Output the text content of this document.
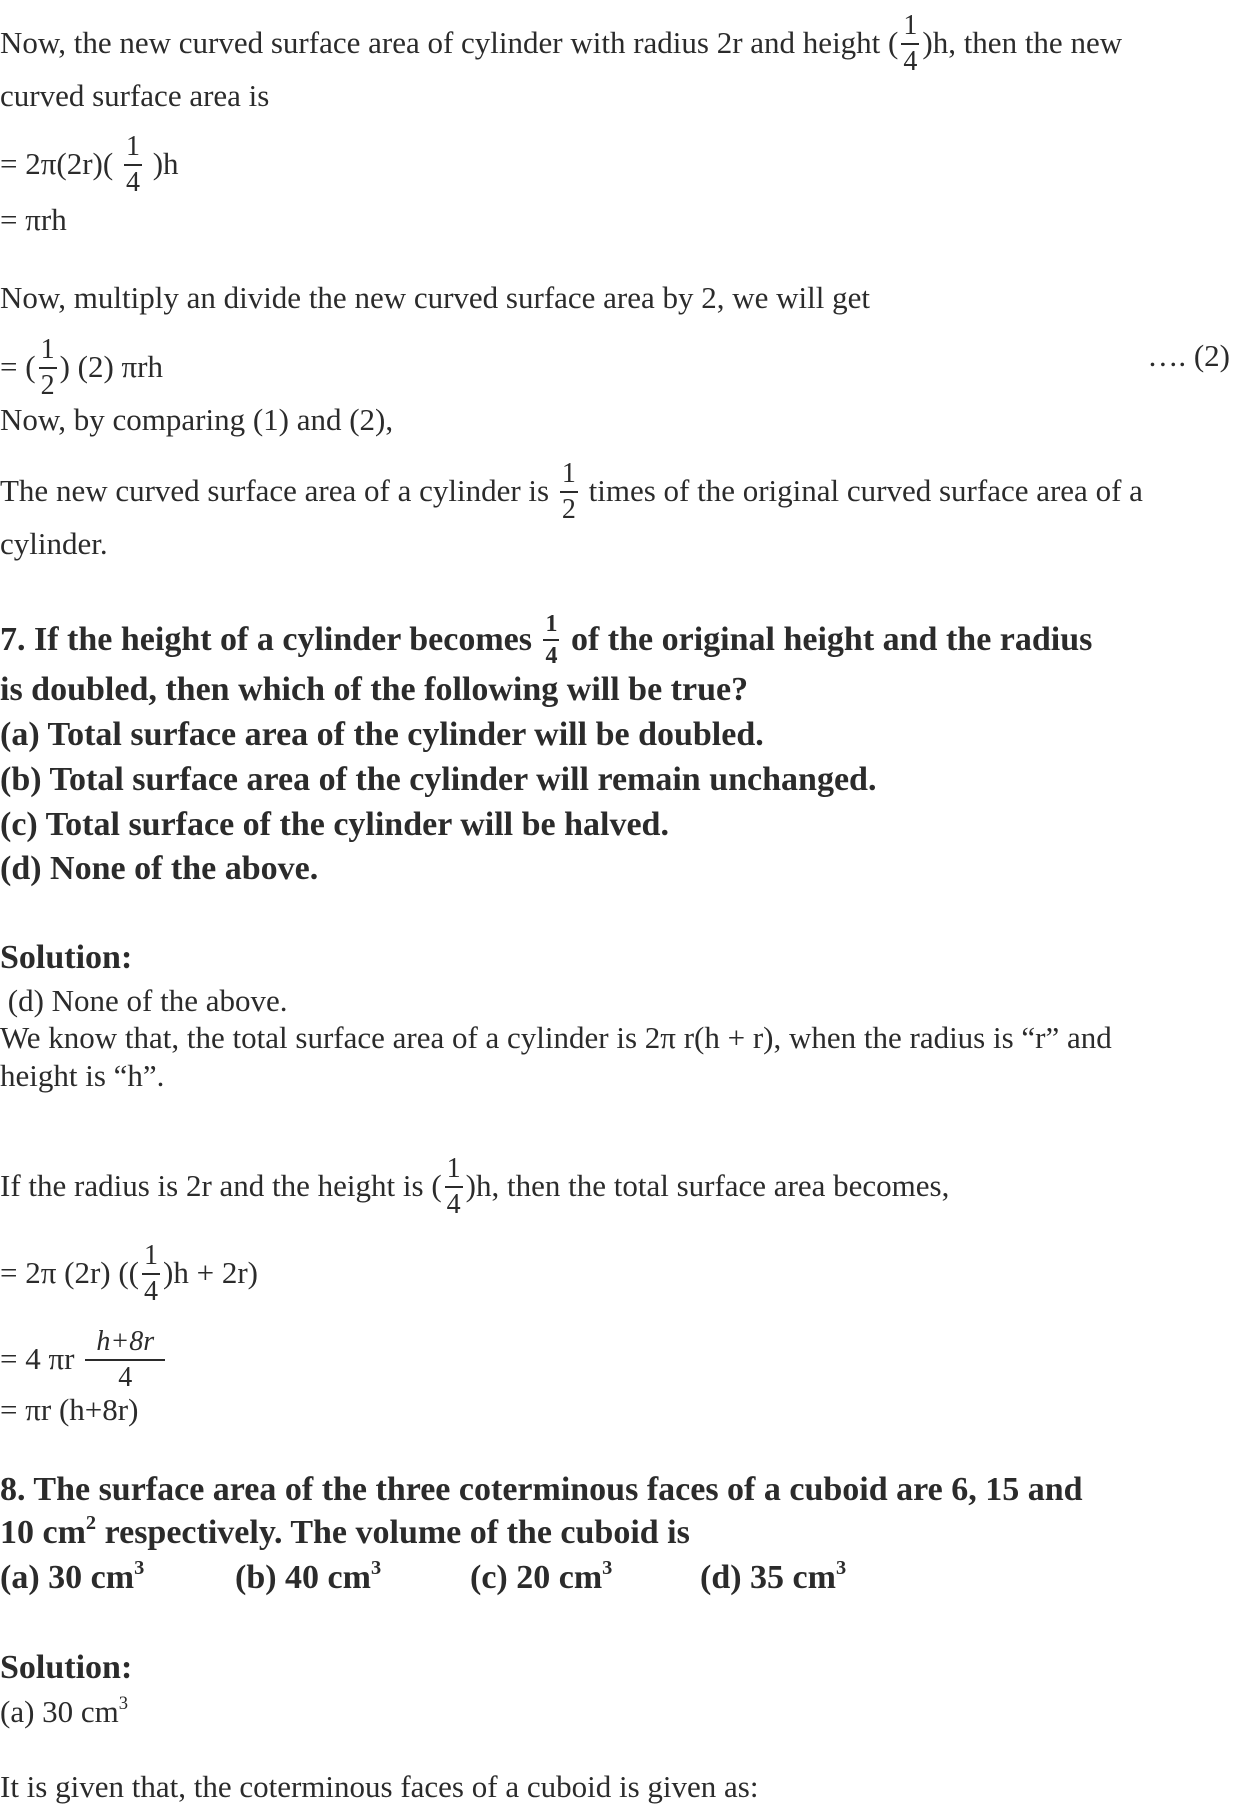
Now, the new curved surface area of cylinder with radius 2r and height ( $\frac{1}{4} )h$, then the new
curved surface area is
= $2\pi(2r)( \frac{1}{4} )h$
= πrh
Now, multiply an divide the new curved surface area by 2, we will get
= ( $\frac{1}{2}$ ) (2) πrh	…. (2)
Now, by comparing (1) and (2),
The new curved surface area of a cylinder is $\frac{1}{2}$ times of the original curved surface area of a
cylinder.
7. If the height of a cylinder becomes $\frac{1}{4}$ of the original height and the radius
is doubled, then which of the following will be true?
(a) Total surface area of the cylinder will be doubled.
(b) Total surface area of the cylinder will remain unchanged.
(c) Total surface of the cylinder will be halved.
(d) None of the above.
Solution:
(d) None of the above.
We know that, the total surface area of a cylinder is 2π r(h + r), when the radius is “r” and
height is “h”.
If the radius is 2r and the height is ( $\frac{1}{4} )h$, then the total surface area becomes,
= 2π (2r) (( $\frac{1}{4} )h + 2r$)
= 4 πr $\frac{h+8r}{4}$
= πr (h+8r)
8. The surface area of the three coterminous faces of a cuboid are 6, 15 and
10 $cm^2$ respectively. The volume of the cuboid is
(a) 30 $cm^3$	(b) 40 $cm^3$	(c) 20 $cm^3$	(d) 35 $cm^3$
Solution:
(a) 30 $cm^3$
It is given that, the coterminous faces of a cuboid is given as:
